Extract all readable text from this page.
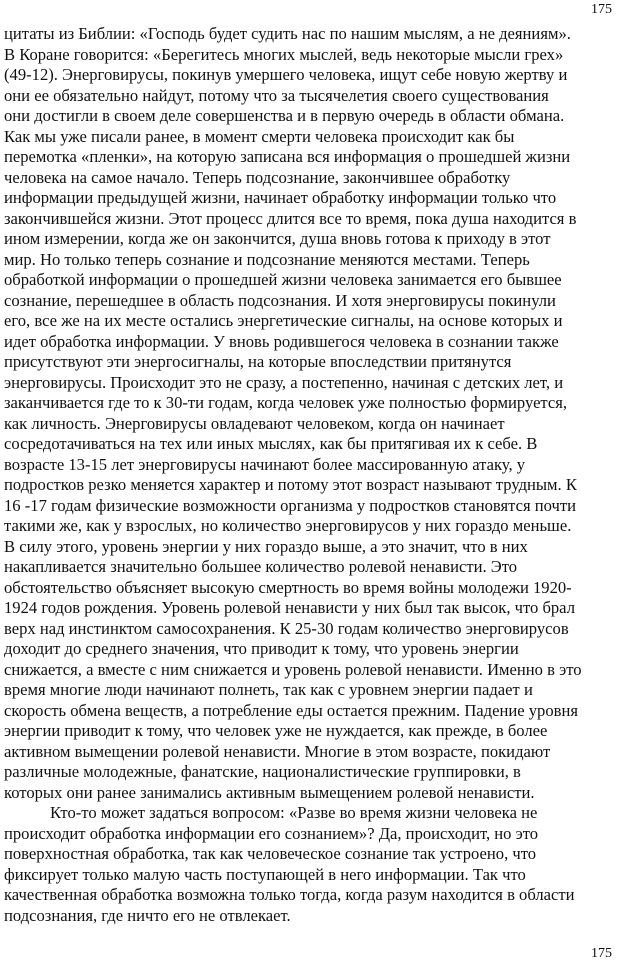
175

цитаты из Библии: «Господь будет судить нас по нашим мыслям, а не деяниям».
В Коране говорится: «Берегитесь многих мыслей, ведь некоторые мысли грех»
(49-12). Энерговирусы, покинув умершего человека, ищут себе новую жертву и
они ее обязательно найдут, потому что за тысячелетия своего существования
они достигли в своем деле совершенства и в первую очередь в области обмана.
Как мы уже писали ранее, в момент смерти человека происходит как бы
перемотка «пленки», на которую записана вся информация о прошедшей жизни
человека на самое начало. Теперь подсознание, закончившее обработку
информации предыдущей жизни, начинает обработку информации только что
закончившейся жизни. Этот процесс длится все то время, пока душа находится в
ином измерении, когда же он закончится, душа вновь готова к приходу в этот
мир. Но только теперь сознание и подсознание меняются местами. Теперь
обработкой информации о прошедшей жизни человека занимается его бывшее
сознание, перешедшее в область подсознания. И хотя энерговирусы покинули
его, все же на их месте остались энергетические сигналы, на основе которых и
идет обработка информации. У вновь родившегося человека в сознании также
присутствуют эти энергосигналы, на которые впоследствии притянутся
энерговирусы. Происходит это не сразу, а постепенно, начиная с детских лет, и
заканчивается где то к 30-ти годам, когда человек уже полностью формируется,
как личность. Энерговирусы овладевают человеком, когда он начинает
сосредотачиваться на тех или иных мыслях, как бы притягивая их к себе. В
возрасте 13-15 лет энерговирусы начинают более массированную атаку, у
подростков резко меняется характер и потому этот возраст называют трудным. К
16 -17 годам физические возможности организма у подростков становятся почти
такими же, как у взрослых, но количество энерговирусов у них гораздо меньше.
В силу этого, уровень энергии у них гораздо выше, а это значит, что в них
накапливается значительно большее количество ролевой ненависти. Это
обстоятельство объясняет высокую смертность во время войны молодежи 1920-
1924 годов рождения. Уровень ролевой ненависти у них был так высок, что брал
верх над инстинктом самосохранения. К 25-30 годам количество энерговирусов
доходит до среднего значения, что приводит к тому, что уровень энергии
снижается, а вместе с ним снижается и уровень ролевой ненависти. Именно в это
время многие люди начинают полнеть, так как с уровнем энергии падает и
скорость обмена веществ, а потребление еды остается прежним. Падение уровня
энергии приводит к тому, что человек уже не нуждается, как прежде, в более
активном вымещении ролевой ненависти. Многие в этом возрасте, покидают
различные молодежные, фанатские, националистические группировки, в
которых они ранее занимались активным вымещением ролевой ненависти.

Кто-то может задаться вопросом: «Разве во время жизни человека не
происходит обработка информации его сознанием»? Да, происходит, но это
поверхностная обработка, так как человеческое сознание так устроено, что
фиксирует только малую часть поступающей в него информации. Так что
качественная обработка возможна только тогда, когда разум находится в области
подсознания, где ничто его не отвлекает.

175
